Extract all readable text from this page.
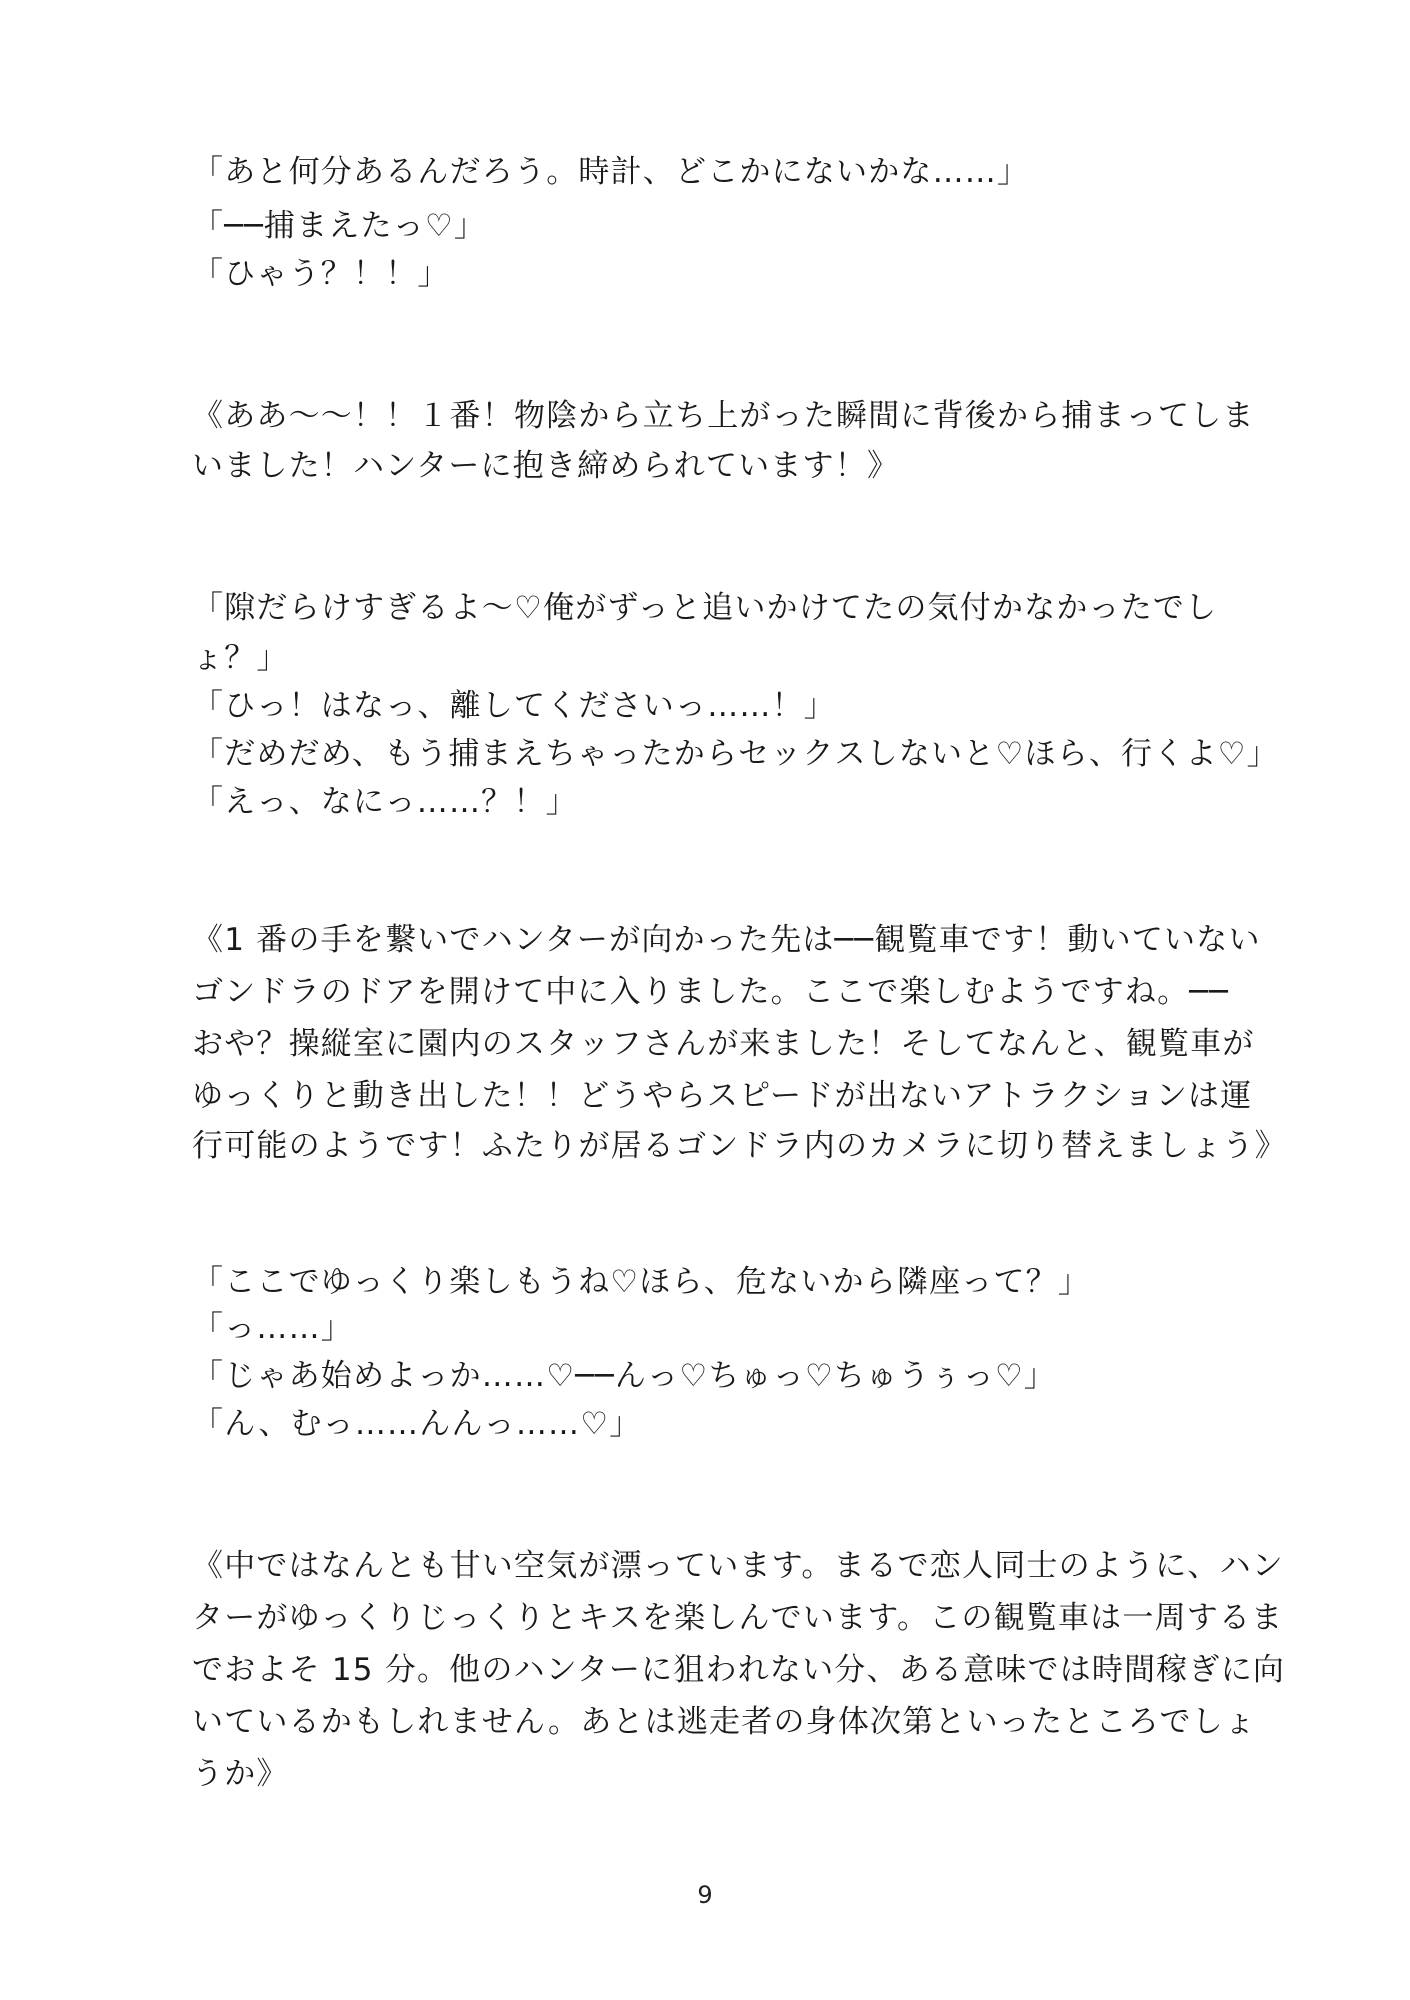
「あと何分あるんだろう。時計、どこかにないかな……」
「──捕まえたっ♡」
「ひゃう？！！」
《ああ〜〜！！１番！物陰から立ち上がった瞬間に背後から捕まってしま
いました！ハンターに抱き締められています！》
「隙だらけすぎるよ〜♡俺がずっと追いかけてたの気付かなかったでし
ょ？」
「ひっ！はなっ、離してくださいっ……！」
「だめだめ、もう捕まえちゃったからセックスしないと♡ほら、行くよ♡」
「えっ、なにっ……？！」
《1 番の手を繋いでハンターが向かった先は──観覧車です！動いていない
ゴンドラのドアを開けて中に入りました。ここで楽しむようですね。──
おや？操縦室に園内のスタッフさんが来ました！そしてなんと、観覧車が
ゆっくりと動き出した！！どうやらスピードが出ないアトラクションは運
行可能のようです！ふたりが居るゴンドラ内のカメラに切り替えましょう》
「ここでゆっくり楽しもうね♡ほら、危ないから隣座って？」
「っ……」
「じゃあ始めよっか……♡──んっ♡ちゅっ♡ちゅうぅっ♡」
「ん、むっ……んんっ……♡」
《中ではなんとも甘い空気が漂っています。まるで恋人同士のように、ハン
ターがゆっくりじっくりとキスを楽しんでいます。この観覧車は一周するま
でおよそ 15 分。他のハンターに狙われない分、ある意味では時間稼ぎに向
いているかもしれません。あとは逃走者の身体次第といったところでしょ
うか》
9
